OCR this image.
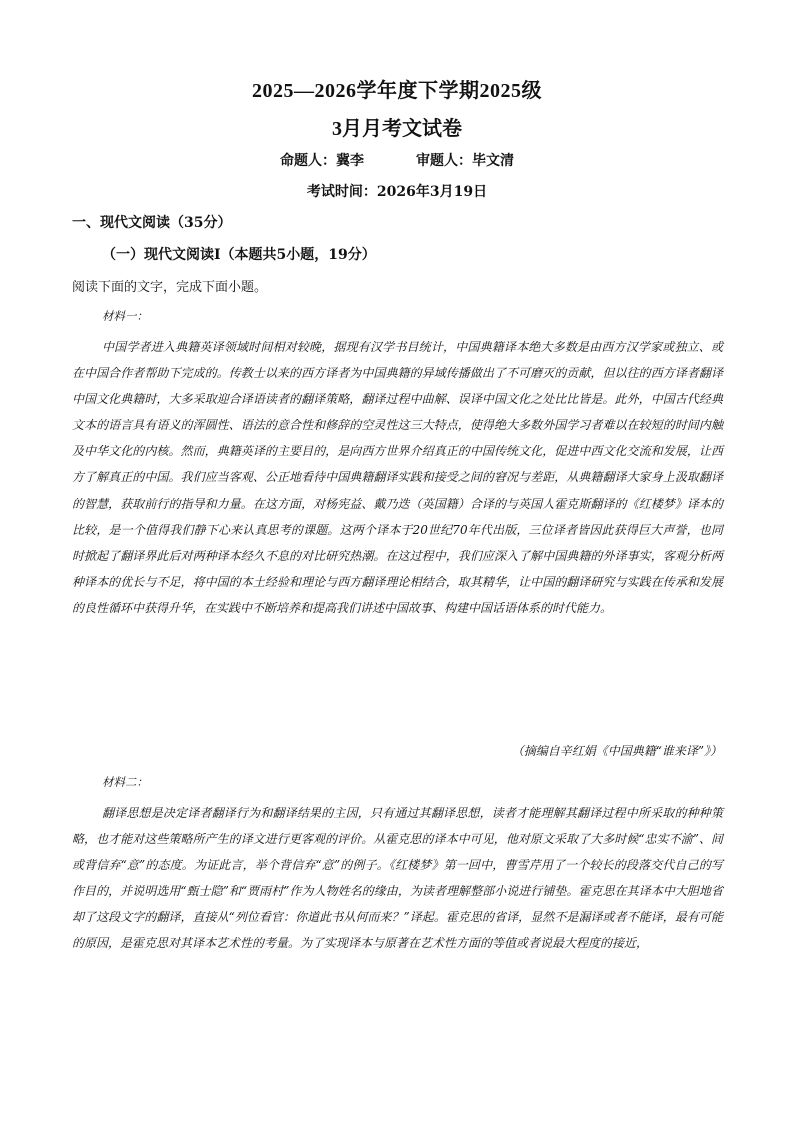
2025—2026学年度下学期2025级
3月月考文试卷
命题人：冀李	审题人：毕文清
考试时间：2026年3月19日
一、现代文阅读（35分）
（一）现代文阅读Ⅰ（本题共5小题，19分）
阅读下面的文字，完成下面小题。
材料一：
中国学者进入典籍英译领域时间相对较晚，据现有汉学书目统计，中国典籍译本绝大多数是由西方汉学家或独立、或在中国合作者帮助下完成的。传教士以来的西方译者为中国典籍的异域传播做出了不可磨灭的贡献，但以往的西方译者翻译中国文化典籍时，大多采取迎合译语读者的翻译策略，翻译过程中曲解、误译中国文化之处比比皆是。此外，中国古代经典文本的语言具有语义的浑圆性、语法的意合性和修辞的空灵性这三大特点，使得绝大多数外国学习者难以在较短的时间内触及中华文化的内核。然而，典籍英译的主要目的，是向西方世界介绍真正的中国传统文化，促进中西文化交流和发展，让西方了解真正的中国。我们应当客观、公正地看待中国典籍翻译实践和接受之间的窘况与差距，从典籍翻译大家身上汲取翻译的智慧，获取前行的指导和力量。在这方面，对杨宪益、戴乃迭（英国籍）合译的与英国人霍克斯翻译的《红楼梦》译本的比较，是一个值得我们静下心来认真思考的课题。这两个译本于20世纪70年代出版，三位译者皆因此获得巨大声誉，也同时掀起了翻译界此后对两种译本经久不息的对比研究热潮。在这过程中，我们应深入了解中国典籍的外译事实，客观分析两种译本的优长与不足，将中国的本土经验和理论与西方翻译理论相结合，取其精华，让中国的翻译研究与实践在传承和发展的良性循环中获得升华，在实践中不断培养和提高我们讲述中国故事、构建中国话语体系的时代能力。
（摘编自辛红娟《中国典籍“谁来译”》）
材料二：
翻译思想是决定译者翻译行为和翻译结果的主因，只有通过其翻译思想，读者才能理解其翻译过程中所采取的种种策略，也才能对这些策略所产生的译文进行更客观的评价。从霍克思的译本中可见，他对原文采取了大多时候“忠实不渝”、间或背信弃“意”的态度。为证此言，举个背信弃“意”的例子。《红楼梦》第一回中，曹雪芹用了一个较长的段落交代自己的写作目的，并说明选用“甄士隐”和“贾雨村”作为人物姓名的缘由，为读者理解整部小说进行铺垫。霍克思在其译本中大胆地省却了这段文字的翻译，直接从“列位看官：你道此书从何而来？”译起。霍克思的省译，显然不是漏译或者不能译，最有可能的原因，是霍克思对其译本艺术性的考量。为了实现译本与原著在艺术性方面的等值或者说最大程度的接近，
